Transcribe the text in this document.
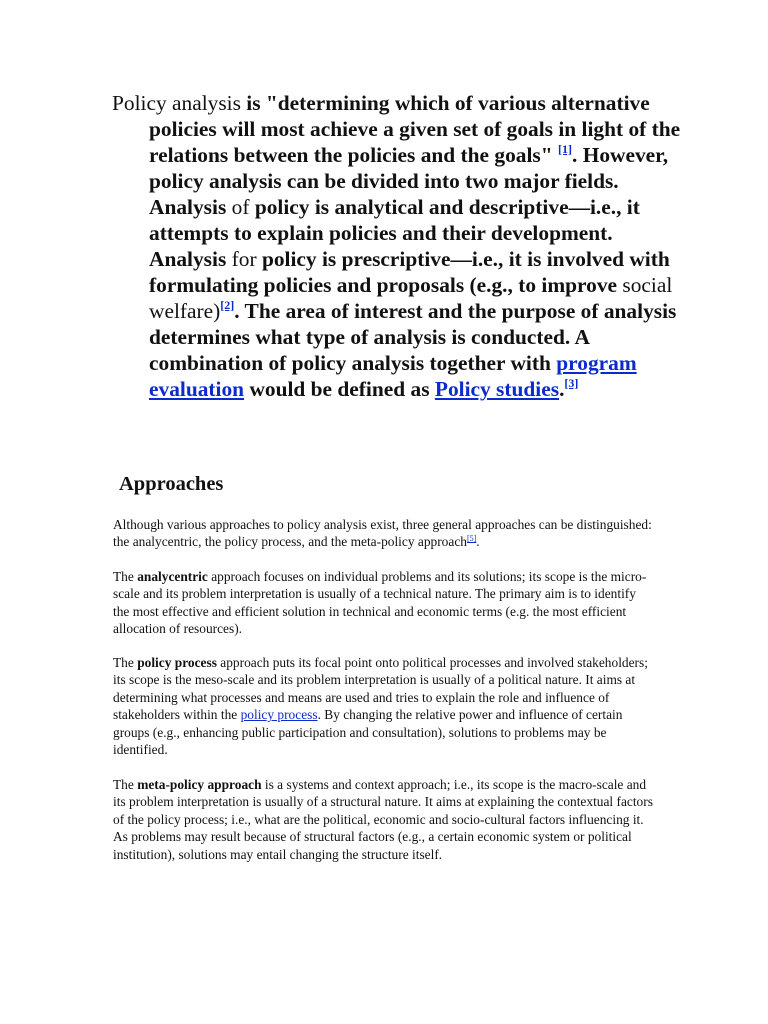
Policy analysis is "determining which of various alternative policies will most achieve a given set of goals in light of the relations between the policies and the goals" [1]. However, policy analysis can be divided into two major fields. Analysis of policy is analytical and descriptive—i.e., it attempts to explain policies and their development. Analysis for policy is prescriptive—i.e., it is involved with formulating policies and proposals (e.g., to improve social welfare)[2]. The area of interest and the purpose of analysis determines what type of analysis is conducted. A combination of policy analysis together with program evaluation would be defined as Policy studies.[3]

Approaches

Although various approaches to policy analysis exist, three general approaches can be distinguished: the analycentric, the policy process, and the meta-policy approach[5].

The analycentric approach focuses on individual problems and its solutions; its scope is the micro-scale and its problem interpretation is usually of a technical nature. The primary aim is to identify the most effective and efficient solution in technical and economic terms (e.g. the most efficient allocation of resources).

The policy process approach puts its focal point onto political processes and involved stakeholders; its scope is the meso-scale and its problem interpretation is usually of a political nature. It aims at determining what processes and means are used and tries to explain the role and influence of stakeholders within the policy process. By changing the relative power and influence of certain groups (e.g., enhancing public participation and consultation), solutions to problems may be identified.

The meta-policy approach is a systems and context approach; i.e., its scope is the macro-scale and its problem interpretation is usually of a structural nature. It aims at explaining the contextual factors of the policy process; i.e., what are the political, economic and socio-cultural factors influencing it. As problems may result because of structural factors (e.g., a certain economic system or political institution), solutions may entail changing the structure itself.
